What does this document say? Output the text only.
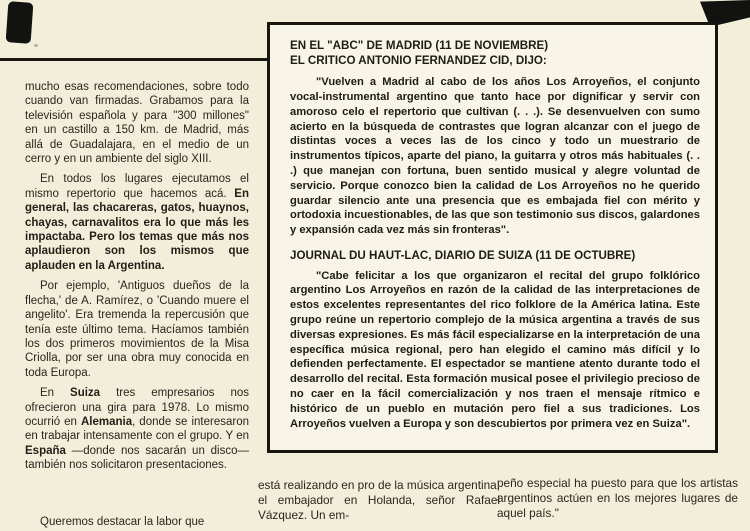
mucho esas recomendaciones, sobre todo cuando van firmadas. Grabamos para la televisión española y para "300 millones" en un castillo a 150 km. de Madrid, más allá de Guadalajara, en el medio de un cerro y en un ambiente del siglo XIII.

En todos los lugares ejecutamos el mismo repertorio que hacemos acá. En general, las chacareras, gatos, huaynos, chayas, carnavalitos era lo que más les impactaba. Pero los temas que más nos aplaudieron son los mismos que aplauden en la Argentina.

Por ejemplo, 'Antiguos dueños de la flecha,' de A. Ramírez, o 'Cuando muere el angelito'. Era tremenda la repercusión que tenía este último tema. Hacíamos también los dos primeros movimientos de la Misa Criolla, por ser una obra muy conocida en toda Europa.

En Suiza tres empresarios nos ofrecieron una gira para 1978. Lo mismo ocurrió en Alemania, donde se interesaron en trabajar intensamente con el grupo. Y en España —donde nos sacarán un disco— también nos solicitaron presentaciones.

Queremos destacar la labor que

EN EL "ABC" DE MADRID (11 DE NOVIEMBRE)

EL CRITICO ANTONIO FERNANDEZ CID, DIJO:

"Vuelven a Madrid al cabo de los años Los Arroyeños, el conjunto vocal-instrumental argentino que tanto hace por dignificar y servir con amoroso celo el repertorio que cultivan (. . .). Se desenvuelven con sumo acierto en la búsqueda de contrastes que logran alcanzar con el juego de distintas voces a veces las de los cinco y todo un muestrario de instrumentos típicos, aparte del piano, la guitarra y otros más habituales (. . .) que manejan con fortuna, buen sentido musical y alegre voluntad de servicio. Porque conozco bien la calidad de Los Arroyeños no he querido guardar silencio ante una presencia que es embajada fiel con mérito y ortodoxia incuestionables, de las que son testimonio sus discos, galardones y expansión cada vez más sin fronteras".

JOURNAL DU HAUT-LAC, DIARIO DE SUIZA (11 DE OCTUBRE)

"Cabe felicitar a los que organizaron el recital del grupo folklórico argentino Los Arroyeños en razón de la calidad de las interpretaciones de estos excelentes representantes del rico folklore de la América latina. Este grupo reúne un repertorio complejo de la música argentina a través de sus diversas expresiones. Es más fácil especializarse en la interpretación de una específica música regional, pero han elegido el camino más difícil y lo defienden perfectamente. El espectador se mantiene atento durante todo el desarrollo del recital. Esta formación musical posee el privilegio precioso de no caer en la fácil comercialización y nos traen el mensaje rítmico e histórico de un pueblo en mutación pero fiel a sus tradiciones. Los Arroyeños vuelven a Europa y son descubiertos por primera vez en Suiza".

está realizando en pro de la música argentina, el embajador en Holanda, señor Rafael Vázquez. Un em-
peño especial ha puesto para que los artistas argentinos actúen en los mejores lugares de aquel país."
